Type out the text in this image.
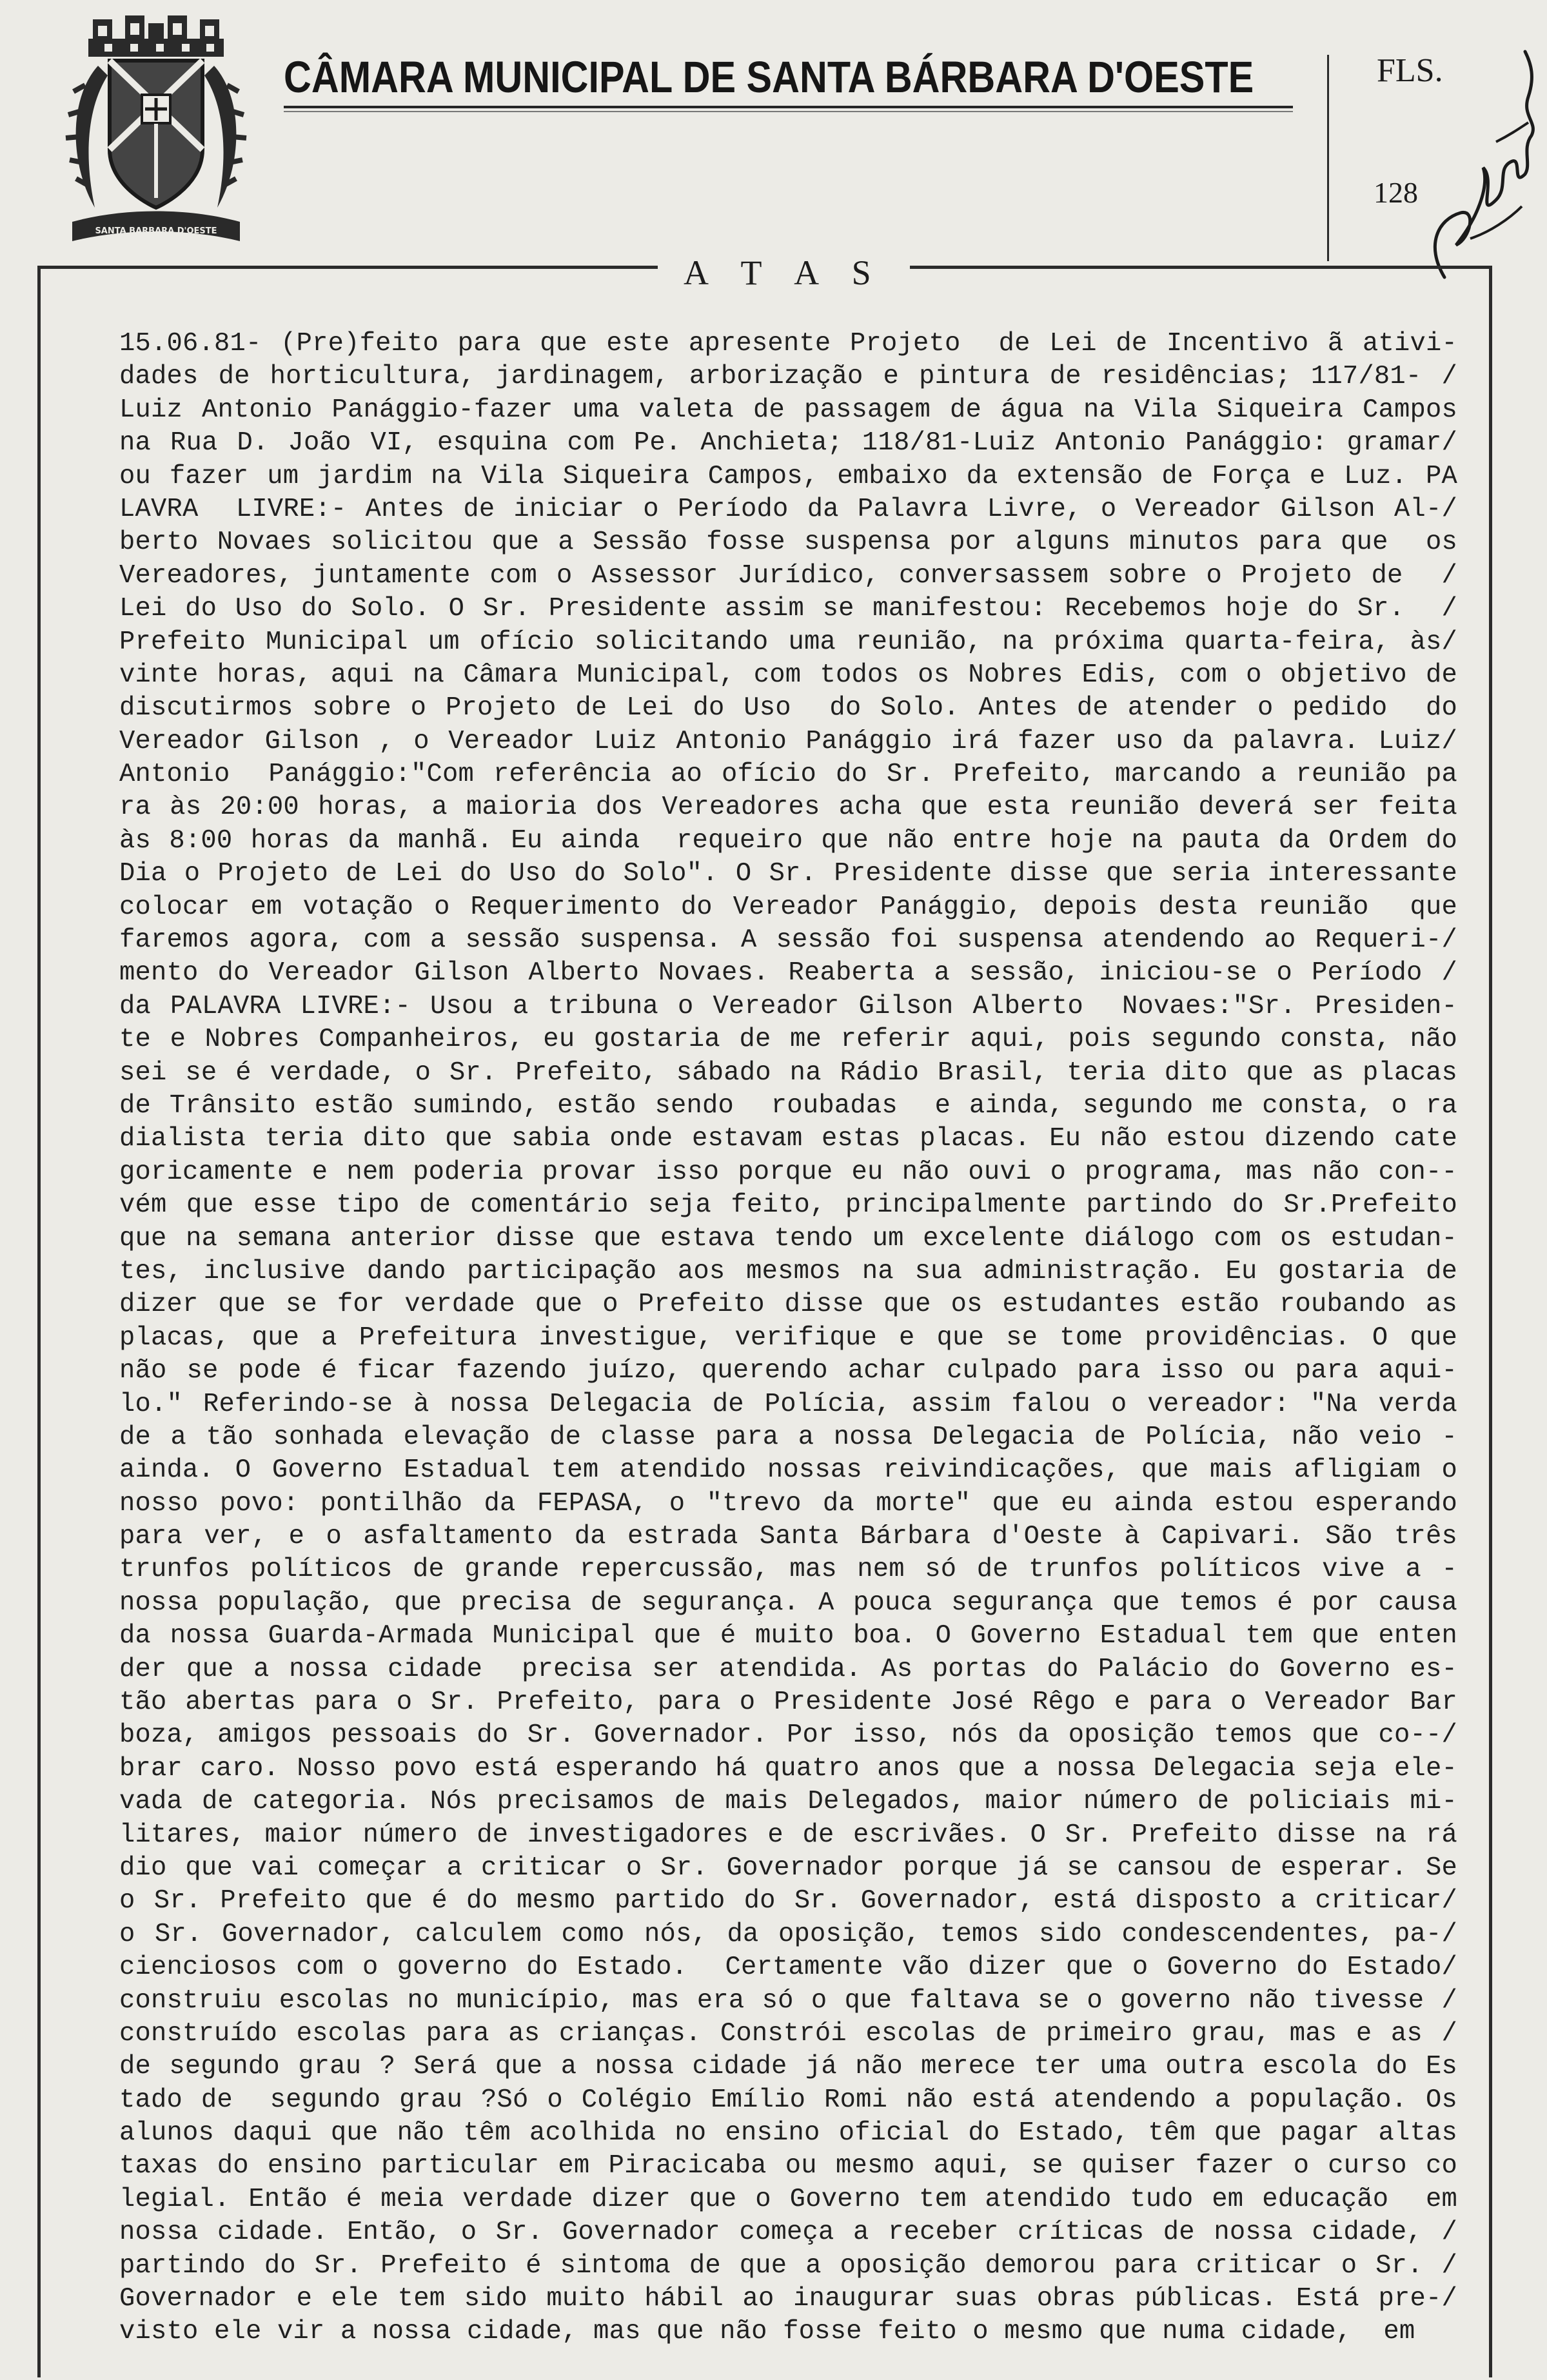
SANTA BARBARA D'OESTE
CÂMARA MUNICIPAL DE SANTA BÁRBARA D'OESTE	FLS.
128
A T A S
15.06.81- (Pre)feito para que este apresente Projeto  de Lei de Incentivo ã ativi-
dades de horticultura, jardinagem, arborização e pintura de residências; 117/81- /
Luiz Antonio Panággio-fazer uma valeta de passagem de água na Vila Siqueira Campos
na Rua D. João VI, esquina com Pe. Anchieta; 118/81-Luiz Antonio Panággio: gramar/
ou fazer um jardim na Vila Siqueira Campos, embaixo da extensão de Força e Luz. PA
LAVRA  LIVRE:- Antes de iniciar o Período da Palavra Livre, o Vereador Gilson Al-/
berto Novaes solicitou que a Sessão fosse suspensa por alguns minutos para que  os
Vereadores, juntamente com o Assessor Jurídico, conversassem sobre o Projeto de  /
Lei do Uso do Solo. O Sr. Presidente assim se manifestou: Recebemos hoje do Sr.  /
Prefeito Municipal um ofício solicitando uma reunião, na próxima quarta-feira, às/
vinte horas, aqui na Câmara Municipal, com todos os Nobres Edis, com o objetivo de
discutirmos sobre o Projeto de Lei do Uso  do Solo. Antes de atender o pedido  do
Vereador Gilson , o Vereador Luiz Antonio Panággio irá fazer uso da palavra. Luiz/
Antonio  Panággio:"Com referência ao ofício do Sr. Prefeito, marcando a reunião pa
ra às 20:00 horas, a maioria dos Vereadores acha que esta reunião deverá ser feita
às 8:00 horas da manhã. Eu ainda  requeiro que não entre hoje na pauta da Ordem do
Dia o Projeto de Lei do Uso do Solo". O Sr. Presidente disse que seria interessante
colocar em votação o Requerimento do Vereador Panággio, depois desta reunião  que
faremos agora, com a sessão suspensa. A sessão foi suspensa atendendo ao Requeri-/
mento do Vereador Gilson Alberto Novaes. Reaberta a sessão, iniciou-se o Período /
da PALAVRA LIVRE:- Usou a tribuna o Vereador Gilson Alberto  Novaes:"Sr. Presiden-
te e Nobres Companheiros, eu gostaria de me referir aqui, pois segundo consta, não
sei se é verdade, o Sr. Prefeito, sábado na Rádio Brasil, teria dito que as placas
de Trânsito estão sumindo, estão sendo  roubadas  e ainda, segundo me consta, o ra
dialista teria dito que sabia onde estavam estas placas. Eu não estou dizendo cate
goricamente e nem poderia provar isso porque eu não ouvi o programa, mas não con--
vém que esse tipo de comentário seja feito, principalmente partindo do Sr.Prefeito
que na semana anterior disse que estava tendo um excelente diálogo com os estudan-
tes, inclusive dando participação aos mesmos na sua administração. Eu gostaria de
dizer que se for verdade que o Prefeito disse que os estudantes estão roubando as
placas, que a Prefeitura investigue, verifique e que se tome providências. O que
não se pode é ficar fazendo juízo, querendo achar culpado para isso ou para aqui-
lo." Referindo-se à nossa Delegacia de Polícia, assim falou o vereador: "Na verda
de a tão sonhada elevação de classe para a nossa Delegacia de Polícia, não veio -
ainda. O Governo Estadual tem atendido nossas reivindicações, que mais afligiam o
nosso povo: pontilhão da FEPASA, o "trevo da morte" que eu ainda estou esperando
para ver, e o asfaltamento da estrada Santa Bárbara d'Oeste à Capivari. São três
trunfos políticos de grande repercussão, mas nem só de trunfos políticos vive a -
nossa população, que precisa de segurança. A pouca segurança que temos é por causa
da nossa Guarda-Armada Municipal que é muito boa. O Governo Estadual tem que enten
der que a nossa cidade  precisa ser atendida. As portas do Palácio do Governo es-
tão abertas para o Sr. Prefeito, para o Presidente José Rêgo e para o Vereador Bar
boza, amigos pessoais do Sr. Governador. Por isso, nós da oposição temos que co--/
brar caro. Nosso povo está esperando há quatro anos que a nossa Delegacia seja ele-
vada de categoria. Nós precisamos de mais Delegados, maior número de policiais mi-
litares, maior número de investigadores e de escrivães. O Sr. Prefeito disse na rá
dio que vai começar a criticar o Sr. Governador porque já se cansou de esperar. Se
o Sr. Prefeito que é do mesmo partido do Sr. Governador, está disposto a criticar/
o Sr. Governador, calculem como nós, da oposição, temos sido condescendentes, pa-/
cienciosos com o governo do Estado.  Certamente vão dizer que o Governo do Estado/
construiu escolas no município, mas era só o que faltava se o governo não tivesse /
construído escolas para as crianças. Constrói escolas de primeiro grau, mas e as /
de segundo grau ? Será que a nossa cidade já não merece ter uma outra escola do Es
tado de  segundo grau ?Só o Colégio Emílio Romi não está atendendo a população. Os
alunos daqui que não têm acolhida no ensino oficial do Estado, têm que pagar altas
taxas do ensino particular em Piracicaba ou mesmo aqui, se quiser fazer o curso co
legial. Então é meia verdade dizer que o Governo tem atendido tudo em educação  em
nossa cidade. Então, o Sr. Governador começa a receber críticas de nossa cidade, /
partindo do Sr. Prefeito é sintoma de que a oposição demorou para criticar o Sr. /
Governador e ele tem sido muito hábil ao inaugurar suas obras públicas. Está pre-/
visto ele vir a nossa cidade, mas que não fosse feito o mesmo que numa cidade,  em
